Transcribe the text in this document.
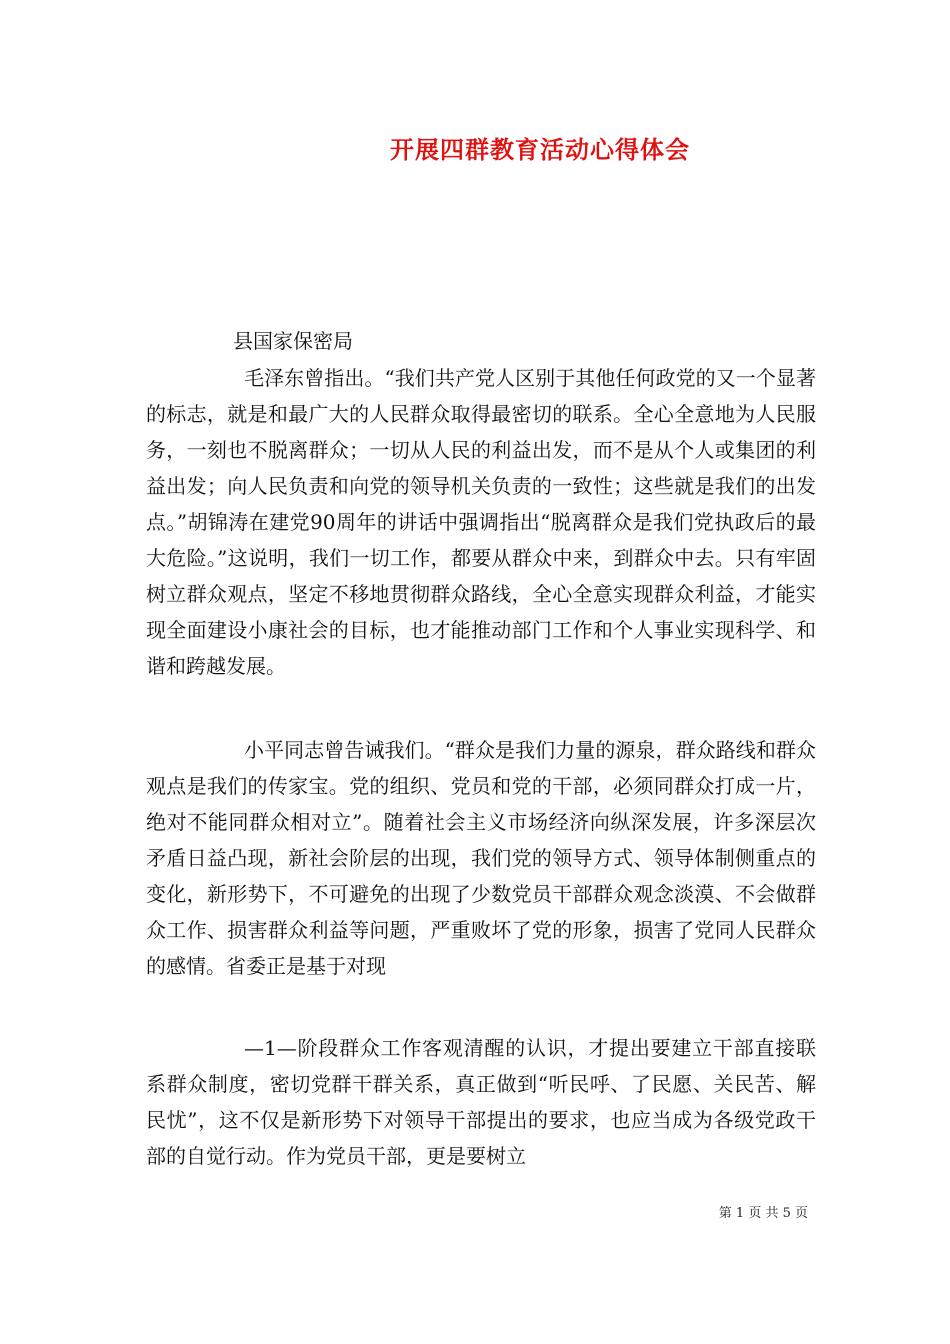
开展四群教育活动心得体会
县国家保密局

毛泽东曾指出。“我们共产党人区别于其他任何政党的又一个显著的标志，就是和最广大的人民群众取得最密切的联系。全心全意地为人民服务，一刻也不脱离群众；一切从人民的利益出发，而不是从个人或集团的利益出发；向人民负责和向党的领导机关负责的一致性；这些就是我们的出发点。”胡锦涛在建党90周年的讲话中强调指出“脱离群众是我们党执政后的最大危险。”这说明，我们一切工作，都要从群众中来，到群众中去。只有牢固树立群众观点，坚定不移地贯彻群众路线，全心全意实现群众利益，才能实现全面建设小康社会的目标，也才能推动部门工作和个人事业实现科学、和谐和跨越发展。

小平同志曾告诫我们。“群众是我们力量的源泉，群众路线和群众观点是我们的传家宝。党的组织、党员和党的干部，必须同群众打成一片，绝对不能同群众相对立”。随着社会主义市场经济向纵深发展，许多深层次矛盾日益凸现，新社会阶层的出现，我们党的领导方式、领导体制侧重点的变化，新形势下，不可避免的出现了少数党员干部群众观念淡漠、不会做群众工作、损害群众利益等问题，严重败坏了党的形象，损害了党同人民群众的感情。省委正是基于对现

—1—阶段群众工作客观清醒的认识，才提出要建立干部直接联系群众制度，密切党群干群关系，真正做到“听民呼、了民愿、关民苦、解民忧”，这不仅是新形势下对领导干部提出的要求，也应当成为各级党政干部的自觉行动。作为党员干部，更是要树立

第 1 页 共 5 页
